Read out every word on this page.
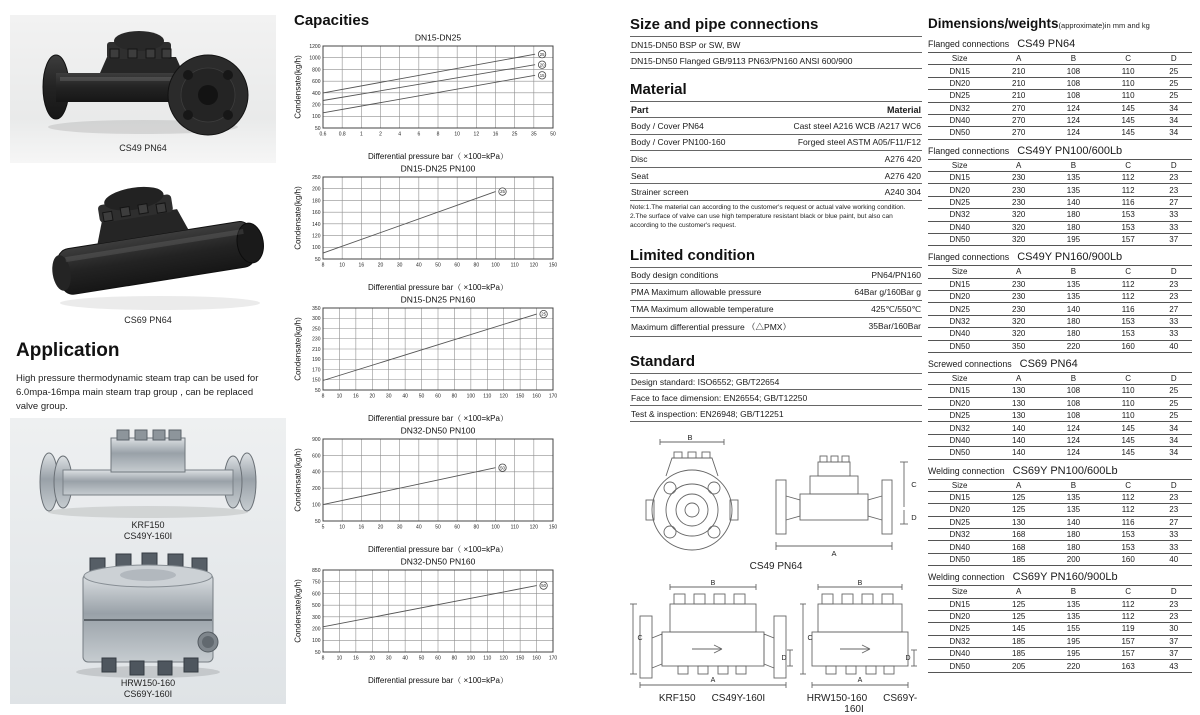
CS49 PN64
CS69 PN64
Application
High pressure thermodynamic steam trap can be used for 6.0mpa-16mpa main steam trap group , can be replaced valve group.
KRF150
CS49Y-160I
HRW150-160
CS69Y-160I
Capacities
0.6 0.8	1	2	4	6	8	10	12	16	25	35	50
50
100
200
400
600
800
1000
1200
25
20
15
DN15-DN25
Differential pressure bar（ ×100=kPa）
Condensate(kg/h)
8	10	16	20	30	40	50	60	80 100 110 120 150
50
100
120
140
160
180
200
250
25
DN15-DN25 PN100
Differential pressure bar（ ×100=kPa）
Condensate(kg/h)
8 10 16 20 30 40 50 60 80 100 110 120 150 160 170
50
150
170
190
210
230
250
300
350
25
DN15-DN25 PN160
Differential pressure bar（ ×100=kPa）
Condensate(kg/h)
5	10	16	20	30	40	50	60	80 100 110 120 150
50
100
200
400
600
900
50
DN32-DN50 PN100
Differential pressure bar（ ×100=kPa）
Condensate(kg/h)
8 10 16 20 30 40 50 60 80 100 110 120 150 160 170
50
100
200
300
500
600
750
850
50
DN32-DN50 PN160
Differential pressure bar（ ×100=kPa）
Condensate(kg/h)
Size and pipe connections
DN15-DN50 BSP or SW, BW
DN15-DN50 Flanged GB/9113 PN63/PN160 ANSI 600/900
Material
Part	Material
Body / Cover PN64	Cast steel A216 WCB /A217 WC6
Body / Cover PN100-160	Forged steel ASTM A05/F11/F12
Disc	A276 420
Seat	A276 420
Strainer screen	A240 304
Note:1.The material can according to the customer's request or actual valve working condition.
2.The surface of valve can use high temperature resistant black or blue paint, but also can according to the customer's request.
Limited condition
Body design conditions	PN64/PN160
PMA Maximum allowable pressure	64Bar g/160Bar g
TMA Maximum allowable temperature	425℃/550℃
Maximum differential pressure （△PMX）	35Bar/160Bar
Standard
Design standard: ISO6552; GB/T22654
Face to face dimension: EN26554; GB/T12250
Test & inspection: EN26948; GB/T12251
B
A
C
D
CS49 PN64
B
C
D
A
KRF150 CS49Y-160I
B
C
D
A
HRW150-160 CS69Y-160I
Dimensions/weights(approximate)in mm and kg
Flanged connections CS49 PN64
Size	A	B	C	D
DN15	210	108	110	25
DN20	210	108	110	25
DN25	210	108	110	25
DN32	270	124	145	34
DN40	270	124	145	34
DN50	270	124	145	34
Flanged connections CS49Y PN100/600Lb
Size	A	B	C	D
DN15	230	135	112	23
DN20	230	135	112	23
DN25	230	140	116	27
DN32	320	180	153	33
DN40	320	180	153	33
DN50	320	195	157	37
Flanged connections CS49Y PN160/900Lb
Size	A	B	C	D
DN15	230	135	112	23
DN20	230	135	112	23
DN25	230	140	116	27
DN32	320	180	153	33
DN40	320	180	153	33
DN50	350	220	160	40
Screwed connections CS69 PN64
Size	A	B	C	D
DN15	130	108	110	25
DN20	130	108	110	25
DN25	130	108	110	25
DN32	140	124	145	34
DN40	140	124	145	34
DN50	140	124	145	34
Welding connection CS69Y PN100/600Lb
Size	A	B	C	D
DN15	125	135	112	23
DN20	125	135	112	23
DN25	130	140	116	27
DN32	168	180	153	33
DN40	168	180	153	33
DN50	185	200	160	40
Welding connection CS69Y PN160/900Lb
Size	A	B	C	D
DN15	125	135	112	23
DN20	125	135	112	23
DN25	145	155	119	30
DN32	185	195	157	37
DN40	185	195	157	37
DN50	205	220	163	43
